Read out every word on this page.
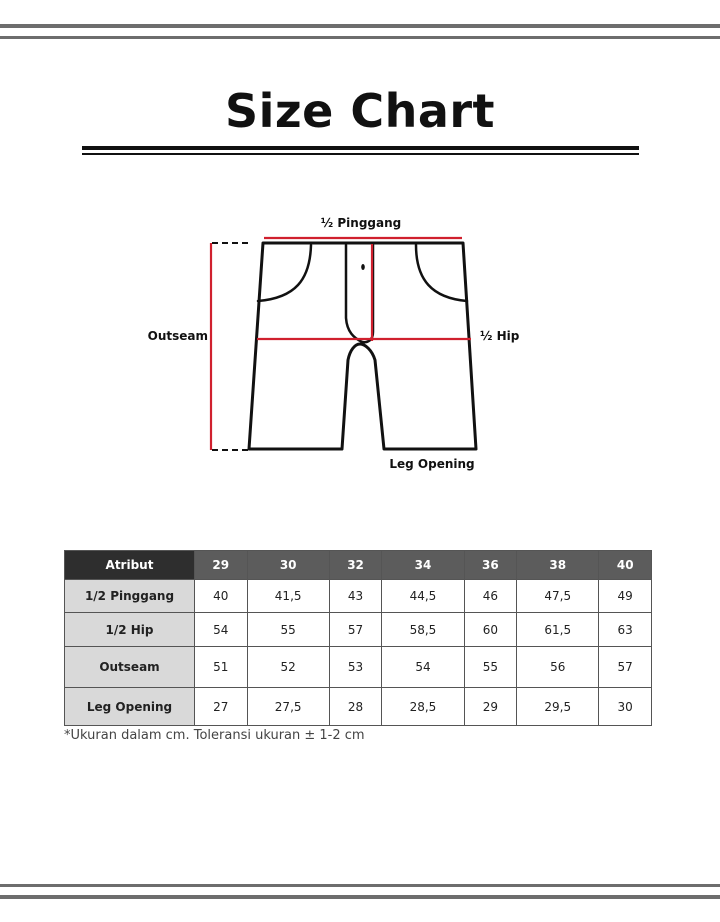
Size Chart
½ Pinggang
½ Hip
Outseam
Leg Opening
Atribut	29	30	32	34	36	38	40
1/2 Pinggang	40	41,5	43	44,5	46	47,5	49
1/2 Hip	54	55	57	58,5	60	61,5	63
Outseam	51	52	53	54	55	56	57
Leg Opening	27	27,5	28	28,5	29	29,5	30

*Ukuran dalam cm. Toleransi ukuran ± 1-2 cm
